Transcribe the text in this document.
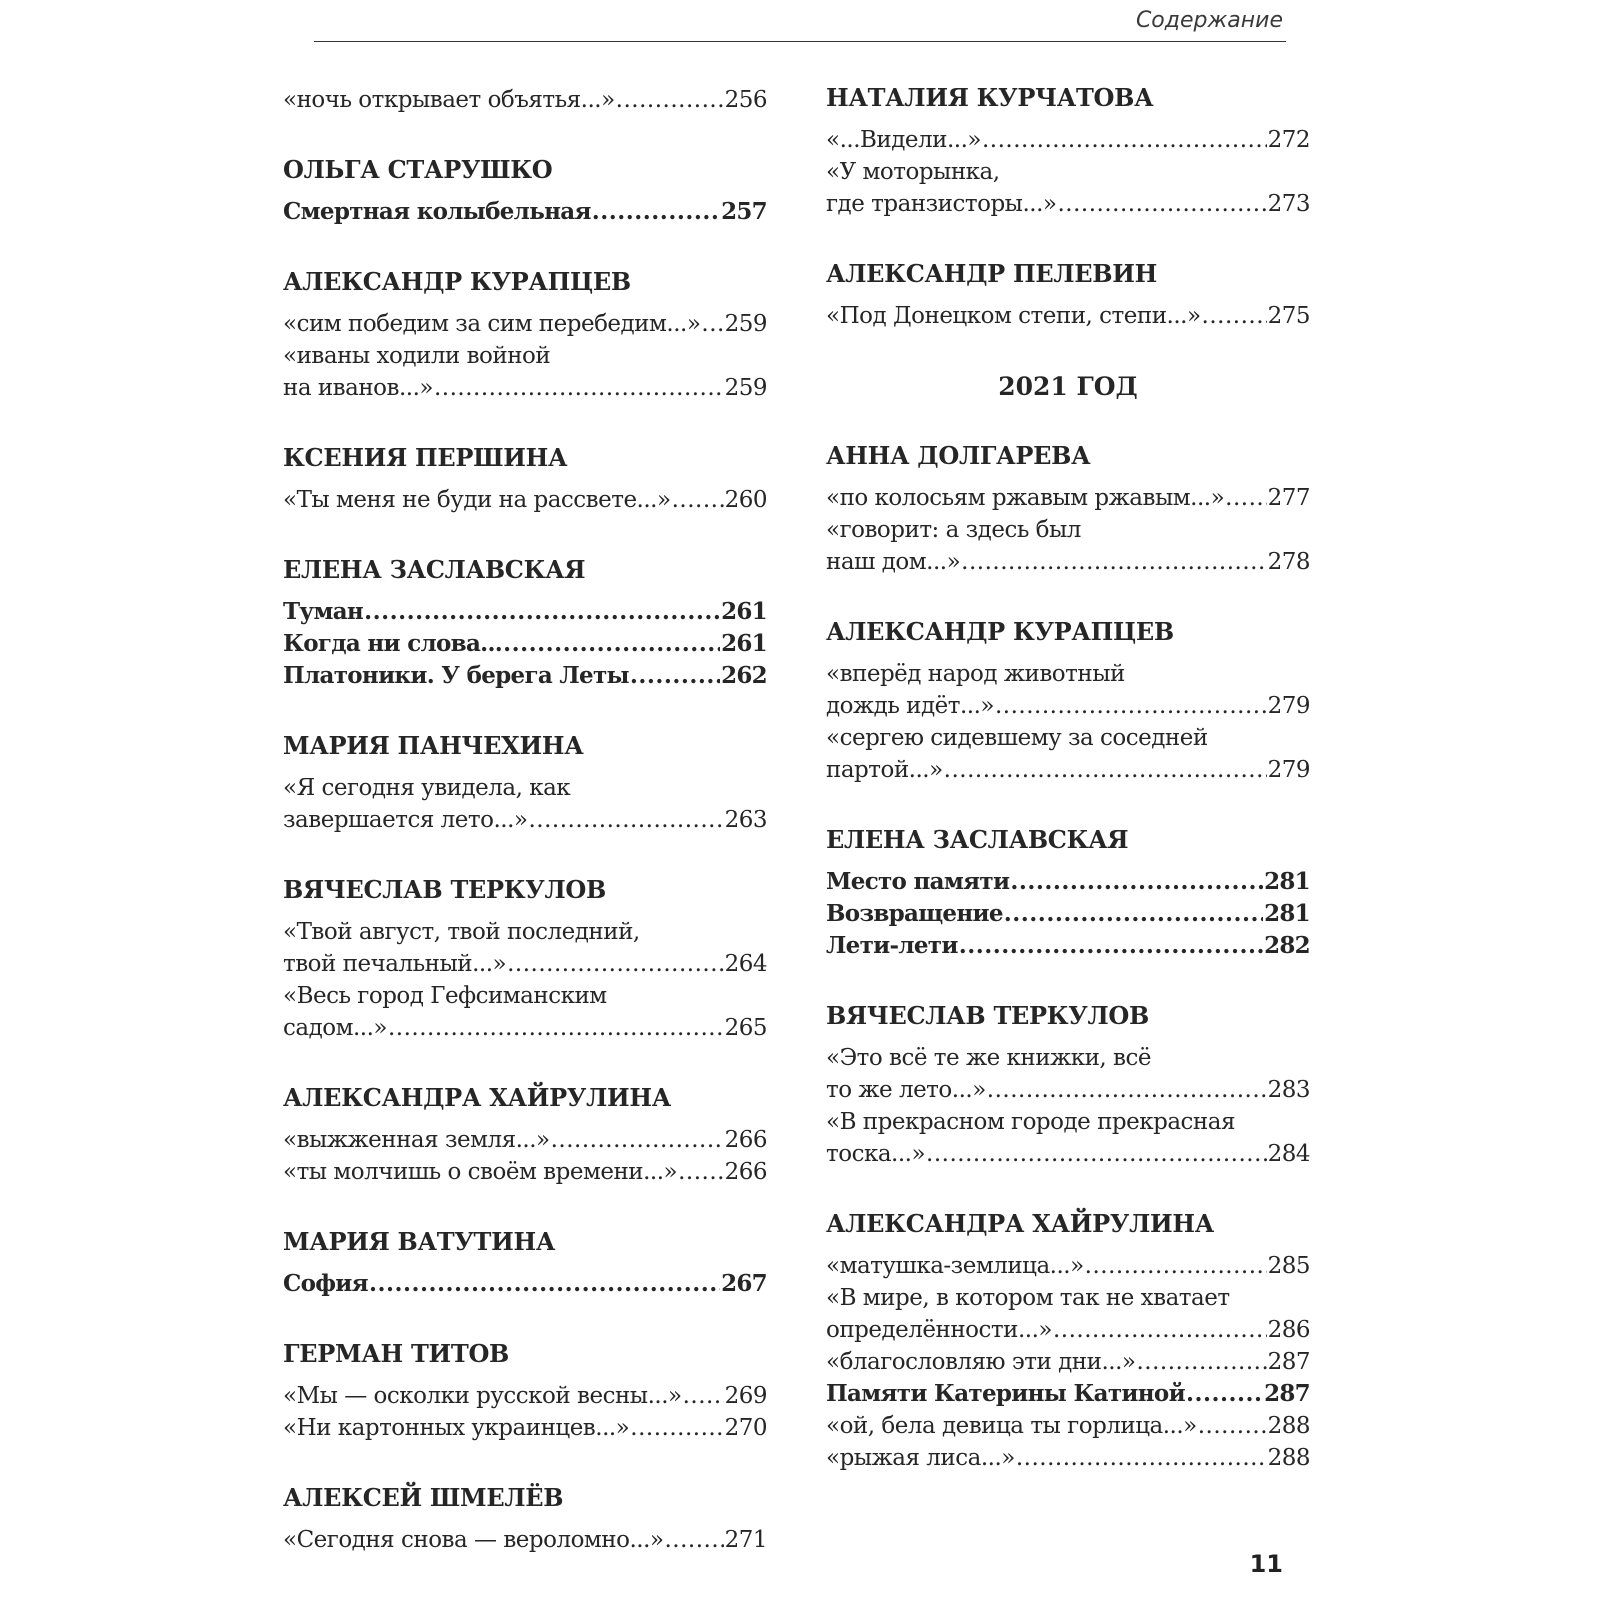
Содержание
«ночь открывает объятья...» .....	256
ОЛЬГА СТАРУШКО
Смертная колыбельная .....	257
АЛЕКСАНДР КУРАПЦЕВ
«сим победим за сим перебедим...» ..... 259
«иваны ходили войной
на иванов...» .....	259
КСЕНИЯ ПЕРШИНА
«Ты меня не буди на рассвете...» ..... 260
ЕЛЕНА ЗАСЛАВСКАЯ
Туман .....	261
Когда ни слова... .....	261
Платоники. У берега Леты .....	262
МАРИЯ ПАНЧЕХИНА
«Я сегодня увидела, как
завершается лето...» .....	263
ВЯЧЕСЛАВ ТЕРКУЛОВ
«Твой август, твой последний,
твой печальный...» .....	264
«Весь город Гефсиманским
садом...» .....	265
АЛЕКСАНДРА ХАЙРУЛИНА
«выжженная земля...» .....	266
«ты молчишь о своём времени...» ..... 266
МАРИЯ ВАТУТИНА
София .....	267
ГЕРМАН ТИТОВ
«Мы — осколки русской весны...» ..... 269
«Ни картонных украинцев...» .....	270
АЛЕКСЕЙ ШМЕЛЁВ
«Сегодня снова — вероломно...» .....	271
НАТАЛИЯ КУРЧАТОВА
«...Видели...» .....	272
«У моторынка,
где транзисторы...» .....	273
АЛЕКСАНДР ПЕЛЕВИН
«Под Донецком степи, степи...» .....	275
2021 ГОД
АННА ДОЛГАРЕВА
«по колосьям ржавым ржавым...» ..... 277
«говорит: а здесь был
наш дом...» .....	278
АЛЕКСАНДР КУРАПЦЕВ
«вперёд народ животный
дождь идёт...» .....	279
«сергею сидевшему за соседней
партой...» .....	279
ЕЛЕНА ЗАСЛАВСКАЯ
Место памяти .....	281
Возвращение .....	281
Лети-лети .....	282
ВЯЧЕСЛАВ ТЕРКУЛОВ
«Это всё те же книжки, всё
то же лето...» .....	283
«В прекрасном городе прекрасная
тоска...» .....	284
АЛЕКСАНДРА ХАЙРУЛИНА
«матушка-землица...» .....	285
«В мире, в котором так не хватает
определённости...» .....	286
«благословляю эти дни...» .....	287
Памяти Катерины Катиной .....	287
«ой, бела девица ты горлица...» .....	288
«рыжая лиса...» .....	288
11
